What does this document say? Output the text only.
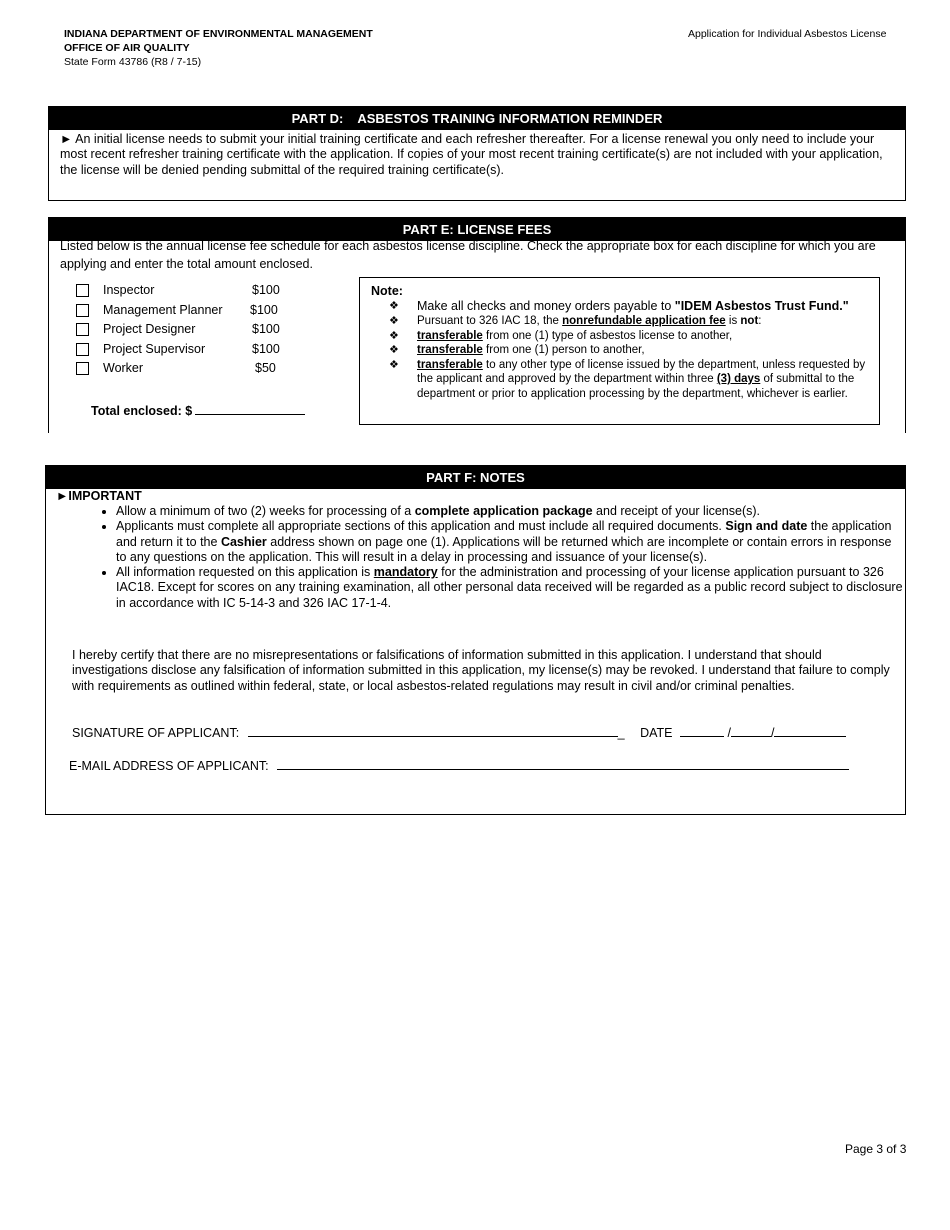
INDIANA DEPARTMENT OF ENVIRONMENTAL MANAGEMENT
OFFICE OF AIR QUALITY
State Form 43786 (R8 / 7-15)
Application for Individual Asbestos License
PART D: ASBESTOS TRAINING INFORMATION REMINDER
► An initial license needs to submit your initial training certificate and each refresher thereafter. For a license renewal you only need to include your most recent refresher training certificate with the application. If copies of your most recent training certificate(s) are not included with your application, the license will be denied pending submittal of the required training certificate(s).
PART E: LICENSE FEES
Listed below is the annual license fee schedule for each asbestos license discipline. Check the appropriate box for each discipline for which you are applying and enter the total amount enclosed.
Inspector	$100
Management Planner $100
Project Designer	$100
Project Supervisor	$100
Worker	$50
Total enclosed: $
Note:
❖ Make all checks and money orders payable to "IDEM Asbestos Trust Fund."
❖ Pursuant to 326 IAC 18, the nonrefundable application fee is not:
❖ transferable from one (1) type of asbestos license to another,
❖ transferable from one (1) person to another,
❖ transferable to any other type of license issued by the department, unless requested by the applicant and approved by the department within three (3) days of submittal to the department or prior to application processing by the department, whichever is earlier.
PART F: NOTES
►IMPORTANT
• Allow a minimum of two (2) weeks for processing of a complete application package and receipt of your license(s).
• Applicants must complete all appropriate sections of this application and must include all required documents. Sign and date the application and return it to the Cashier address shown on page one (1). Applications will be returned which are incomplete or contain errors in response to any questions on the application. This will result in a delay in processing and issuance of your license(s).
• All information requested on this application is mandatory for the administration and processing of your license application pursuant to 326 IAC18. Except for scores on any training examination, all other personal data received will be regarded as a public record subject to disclosure in accordance with IC 5-14-3 and 326 IAC 17-1-4.
I hereby certify that there are no misrepresentations or falsifications of information submitted in this application. I understand that should investigations disclose any falsification of information submitted in this application, my license(s) may be revoked. I understand that failure to comply with requirements as outlined within federal, state, or local asbestos-related regulations may result in civil and/or criminal penalties.
SIGNATURE OF APPLICANT:	_ DATE	/	/
E-MAIL ADDRESS OF APPLICANT:
Page 3 of 3
